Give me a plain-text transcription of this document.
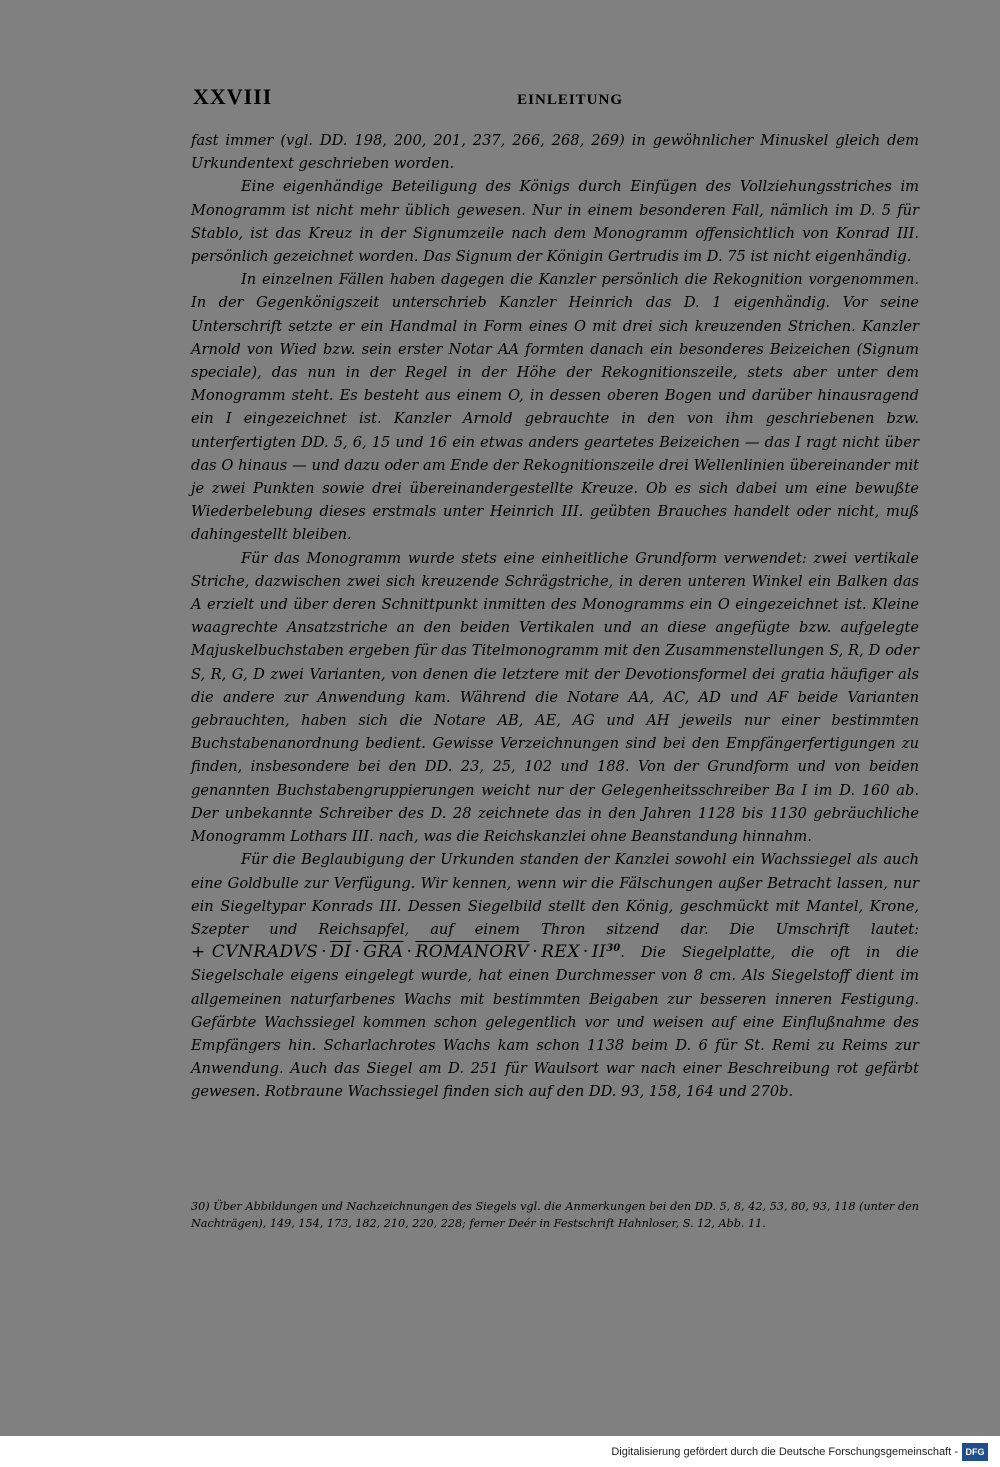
XXVIII	EINLEITUNG

fast immer (vgl. DD. 198, 200, 201, 237, 266, 268, 269) in gewöhnlicher Minuskel gleich dem Urkundentext geschrieben worden.

Eine eigenhändige Beteiligung des Königs durch Einfügen des Vollziehungsstriches im Monogramm ist nicht mehr üblich gewesen. Nur in einem besonderen Fall, nämlich im D. 5 für Stablo, ist das Kreuz in der Signumzeile nach dem Monogramm offensichtlich von Konrad III. persönlich gezeichnet worden. Das Signum der Königin Gertrudis im D. 75 ist nicht eigenhändig.

In einzelnen Fällen haben dagegen die Kanzler persönlich die Rekognition vorgenommen. In der Gegenkönigszeit unterschrieb Kanzler Heinrich das D. 1 eigenhändig. Vor seine Unterschrift setzte er ein Handmal in Form eines O mit drei sich kreuzenden Strichen. Kanzler Arnold von Wied bzw. sein erster Notar AA formten danach ein besonderes Beizeichen (Signum speciale), das nun in der Regel in der Höhe der Rekognitionszeile, stets aber unter dem Monogramm steht. Es besteht aus einem O, in dessen oberen Bogen und darüber hinausragend ein I eingezeichnet ist. Kanzler Arnold gebrauchte in den von ihm geschriebenen bzw. unterfertigten DD. 5, 6, 15 und 16 ein etwas anders geartetes Beizeichen — das I ragt nicht über das O hinaus — und dazu oder am Ende der Rekognitionszeile drei Wellenlinien übereinander mit je zwei Punkten sowie drei übereinandergestellte Kreuze. Ob es sich dabei um eine bewußte Wiederbelebung dieses erstmals unter Heinrich III. geübten Brauches handelt oder nicht, muß dahingestellt bleiben.

Für das Monogramm wurde stets eine einheitliche Grundform verwendet: zwei vertikale Striche, dazwischen zwei sich kreuzende Schrägstriche, in deren unteren Winkel ein Balken das A erzielt und über deren Schnittpunkt inmitten des Monogramms ein O eingezeichnet ist. Kleine waagrechte Ansatzstriche an den beiden Vertikalen und an diese angefügte bzw. aufgelegte Majuskelbuchstaben ergeben für das Titelmonogramm mit den Zusammenstellungen S, R, D oder S, R, G, D zwei Varianten, von denen die letztere mit der Devotionsformel dei gratia häufiger als die andere zur Anwendung kam. Während die Notare AA, AC, AD und AF beide Varianten gebrauchten, haben sich die Notare AB, AE, AG und AH jeweils nur einer bestimmten Buchstabenanordnung bedient. Gewisse Verzeichnungen sind bei den Empfängerfertigungen zu finden, insbesondere bei den DD. 23, 25, 102 und 188. Von der Grundform und von beiden genannten Buchstabengruppierungen weicht nur der Gelegenheitsschreiber Ba I im D. 160 ab. Der unbekannte Schreiber des D. 28 zeichnete das in den Jahren 1128 bis 1130 gebräuchliche Monogramm Lothars III. nach, was die Reichskanzlei ohne Beanstandung hinnahm.

Für die Beglaubigung der Urkunden standen der Kanzlei sowohl ein Wachssiegel als auch eine Goldbulle zur Verfügung. Wir kennen, wenn wir die Fälschungen außer Betracht lassen, nur ein Siegeltypar Konrads III. Dessen Siegelbild stellt den König, geschmückt mit Mantel, Krone, Szepter und Reichsapfel, auf einem Thron sitzend dar. Die Umschrift lautet: + CVNRADVS · $\overline{DI} \cdot \overline{GRA}$ · ROMANORV · REX · II$^{30}$. Die Siegelplatte, die oft in die Siegelschale eigens eingelegt wurde, hat einen Durchmesser von 8 cm. Als Siegelstoff dient im allgemeinen naturfarbenes Wachs mit bestimmten Beigaben zur besseren inneren Festigung. Gefärbte Wachssiegel kommen schon gelegentlich vor und weisen auf eine Einflußnahme des Empfängers hin. Scharlachrotes Wachs kam schon 1138 beim D. 6 für St. Remi zu Reims zur Anwendung. Auch das Siegel am D. 251 für Waulsort war nach einer Beschreibung rot gefärbt gewesen. Rotbraune Wachssiegel finden sich auf den DD. 93, 158, 164 und 270b.

30) Über Abbildungen und Nachzeichnungen des Siegels vgl. die Anmerkungen bei den DD. 5, 8, 42, 53, 80, 93, 118 (unter den Nachträgen), 149, 154, 173, 182, 210, 220, 228; ferner Deér in Festschrift Hahnloser, S. 12, Abb. 11.
Digitalisierung gefördert durch die Deutsche Forschungsgemeinschaft - DFG
